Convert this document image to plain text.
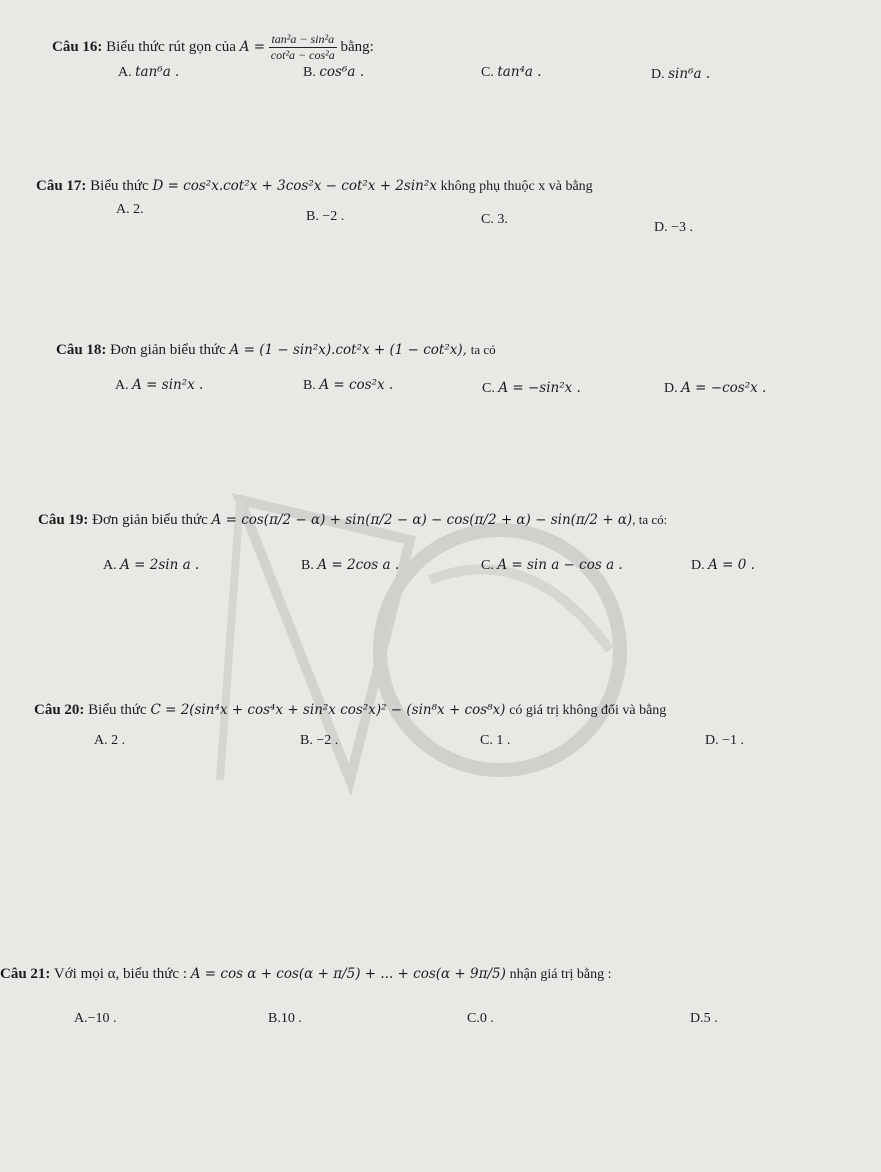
Câu 16: Biểu thức rút gọn của $A = \frac{\text{tan²a − sin²a}}{\text{cot²a − cos²a}}$ bằng:
A. tan⁶a .	B. cos⁶a .	C. tan⁴a .	D. sin⁶a .
Câu 17: Biểu thức D = cos²x.cot²x + 3cos²x − cot²x + 2sin²x không phụ thuộc x và bằng
A. 2.	B. −2 .	C. 3.
D. −3 .
Câu 18: Đơn giản biểu thức A = (1 − sin²x).cot²x + (1 − cot²x), ta có
A. A = sin²x .	B. A = cos²x .	C. A = −sin²x .	D. A = −cos²x .
Câu 19: Đơn giản biểu thức A = cos(π/2 − α) + sin(π/2 − α) − cos(π/2 + α) − sin(π/2 + α), ta có:
A. A = 2sin a .	B. A = 2cos a .	C. A = sin a − cos a .	D. A = 0 .
Câu 20: Biểu thức C = 2(sin⁴x + cos⁴x + sin²x cos²x)² − (sin⁸x + cos⁸x) có giá trị không đổi và bằng
A. 2 .	B. −2 .	C. 1 .	D. −1 .
Câu 21: Với mọi α, biểu thức : A = cos α + cos(α + π/5) + ... + cos(α + 9π/5) nhận giá trị bằng :
A.−10 .	B.10 .	C.0 .	D.5 .
